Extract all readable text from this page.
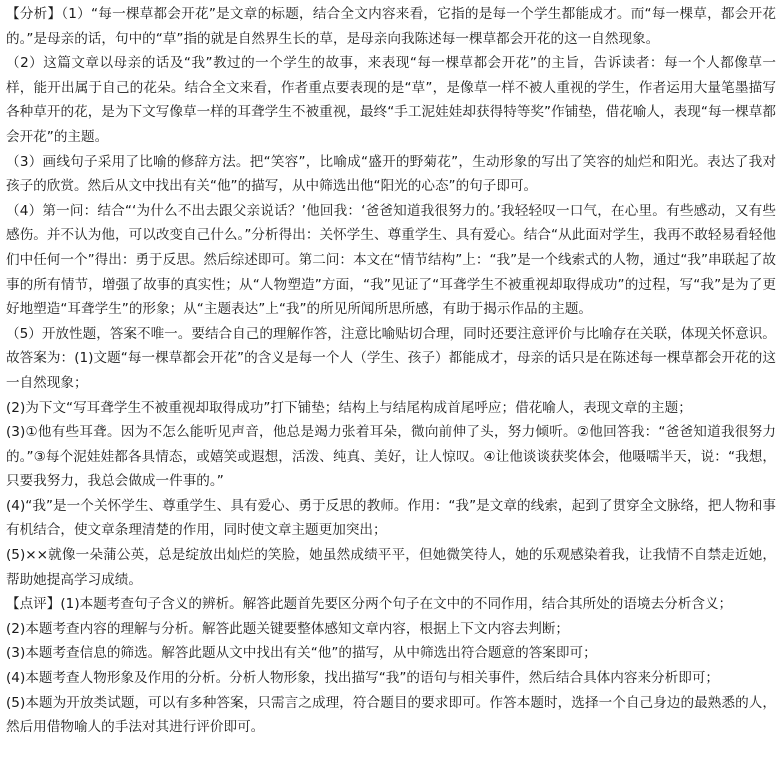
【分析】（1）“每一棵草都会开花”是文章的标题，结合全文内容来看，它指的是每一个学生都能成才。而“每一棵草，都会开花的。”是母亲的话，句中的“草”指的就是自然界生长的草，是母亲向我陈述每一棵草都会开花的这一自然现象。

（2）这篇文章以母亲的话及“我”教过的一个学生的故事，来表现“每一棵草都会开花”的主旨，告诉读者：每一个人都像草一样，能开出属于自己的花朵。结合全文来看，作者重点要表现的是“草”，是像草一样不被人重视的学生，作者运用大量笔墨描写各种草开的花，是为下文写像草一样的耳聋学生不被重视，最终“手工泥娃娃却获得特等奖”作铺垫，借花喻人，表现“每一棵草都会开花”的主题。

（3）画线句子采用了比喻的修辞方法。把“笑容”，比喻成“盛开的野菊花”，生动形象的写出了笑容的灿烂和阳光。表达了我对孩子的欣赏。然后从文中找出有关“他”的描写，从中筛选出他“阳光的心态”的句子即可。

（4）第一问：结合“‘为什么不出去跟父亲说话？’他回我：‘爸爸知道我很努力的。’我轻轻叹一口气，在心里。有些感动，又有些感伤。并不认为他，可以改变自己什么。”分析得出：关怀学生、尊重学生、具有爱心。结合“从此面对学生，我再不敢轻易看轻他们中任何一个”得出：勇于反思。然后综述即可。第二问：本文在“情节结构”上：“我”是一个线索式的人物，通过“我”串联起了故事的所有情节，增强了故事的真实性；从“人物塑造”方面，“我”见证了“耳聋学生不被重视却取得成功”的过程，写“我”是为了更好地塑造“耳聋学生”的形象；从“主题表达”上“我”的所见所闻所思所感，有助于揭示作品的主题。

（5）开放性题，答案不唯一。要结合自己的理解作答，注意比喻贴切合理，同时还要注意评价与比喻存在关联，体现关怀意识。

故答案为：(1)文题“每一棵草都会开花”的含义是每一个人（学生、孩子）都能成才，母亲的话只是在陈述每一棵草都会开花的这一自然现象；

(2)为下文“写耳聋学生不被重视却取得成功”打下铺垫；结构上与结尾构成首尾呼应；借花喻人，表现文章的主题；

(3)①他有些耳聋。因为不怎么能听见声音，他总是竭力张着耳朵，微向前伸了头，努力倾听。②他回答我：“爸爸知道我很努力的。”③每个泥娃娃都各具情态，或嬉笑或遐想，活泼、纯真、美好，让人惊叹。④让他谈谈获奖体会，他嗫嚅半天，说：“我想，只要我努力，我总会做成一件事的。”

(4)“我”是一个关怀学生、尊重学生、具有爱心、勇于反思的教师。作用：“我”是文章的线索，起到了贯穿全文脉络，把人物和事有机结合，使文章条理清楚的作用，同时使文章主题更加突出；

(5)××就像一朵蒲公英，总是绽放出灿烂的笑脸，她虽然成绩平平，但她微笑待人，她的乐观感染着我，让我情不自禁走近她，帮助她提高学习成绩。

【点评】(1)本题考查句子含义的辨析。解答此题首先要区分两个句子在文中的不同作用，结合其所处的语境去分析含义；

(2)本题考查内容的理解与分析。解答此题关键要整体感知文章内容，根据上下文内容去判断；

(3)本题考查信息的筛选。解答此题从文中找出有关“他”的描写，从中筛选出符合题意的答案即可；

(4)本题考查人物形象及作用的分析。分析人物形象，找出描写“我”的语句与相关事件，然后结合具体内容来分析即可；

(5)本题为开放类试题，可以有多种答案，只需言之成理，符合题目的要求即可。作答本题时，选择一个自己身边的最熟悉的人，然后用借物喻人的手法对其进行评价即可。
